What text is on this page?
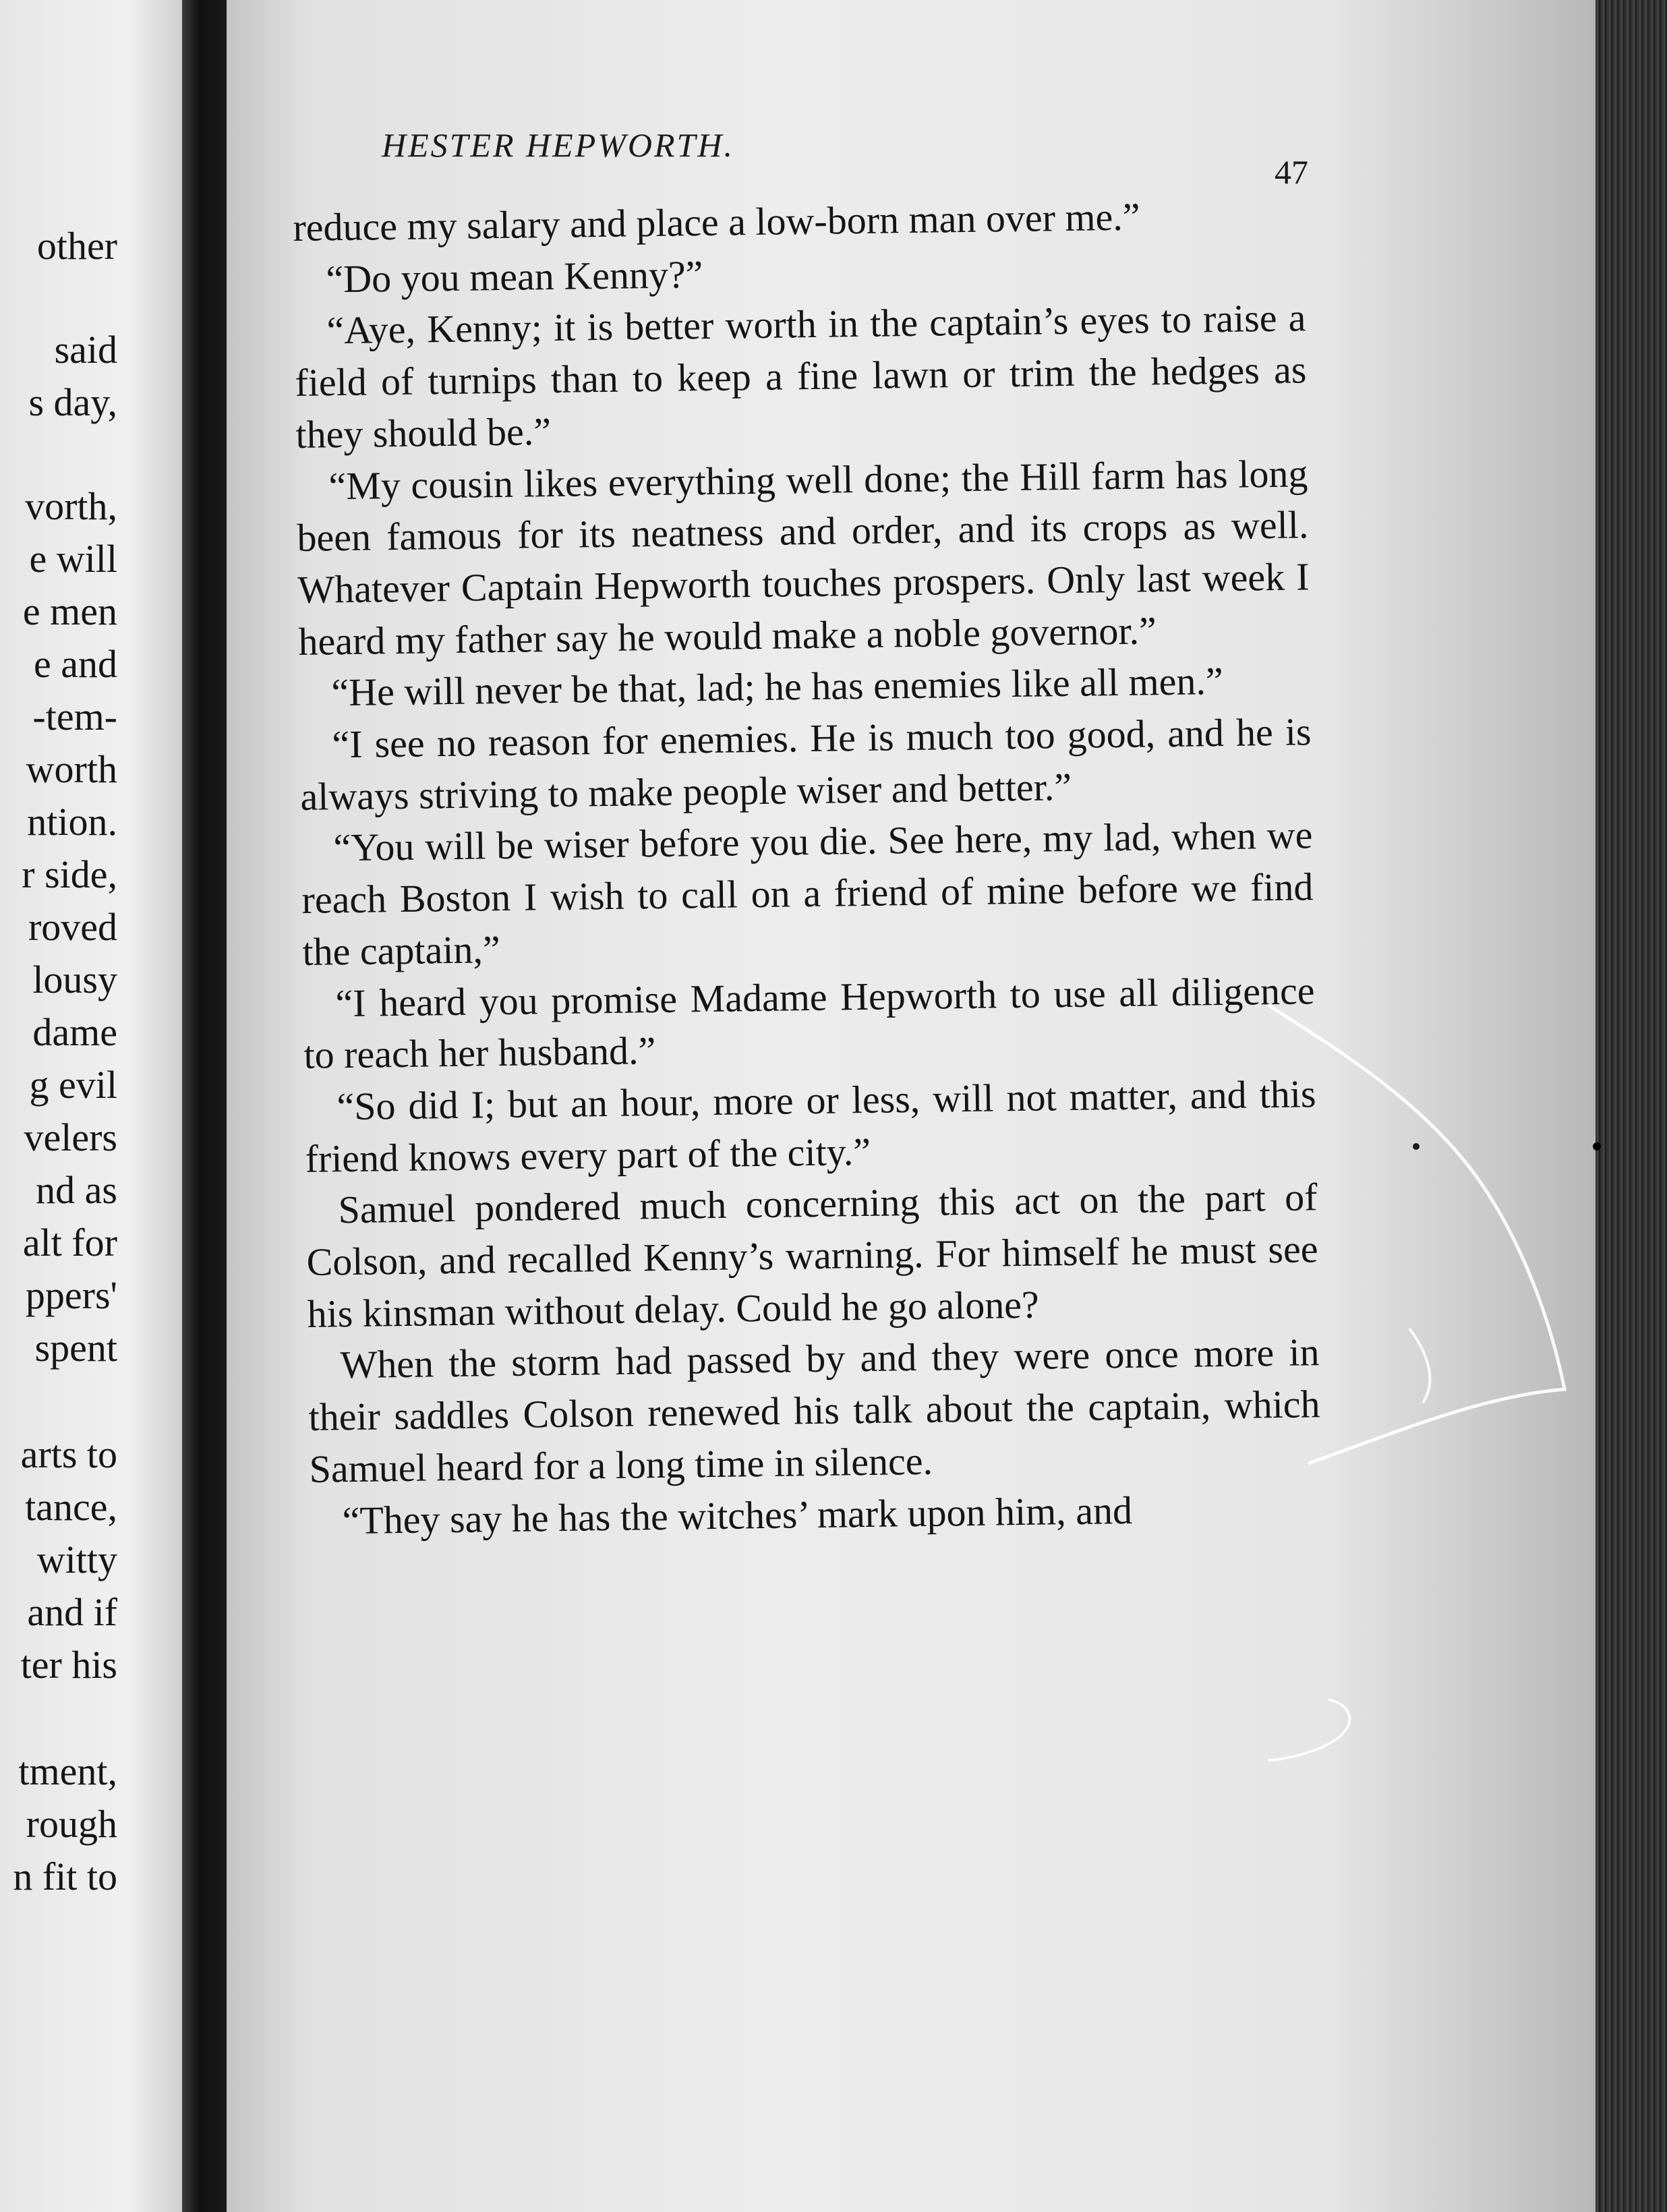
other
said
s day,
vorth,
e will
e men
e and
-tem-
worth
ntion.
r side,
roved
lousy
dame
g evil
velers
nd as
alt for
ppers'
spent
arts to
tance,
witty
and if
ter his
tment,
rough
n fit to
HESTER HEPWORTH.
47

reduce my salary and place a low-born man over me.”

“Do you mean Kenny?”

“Aye, Kenny; it is better worth in the captain’s eyes to raise a field of turnips than to keep a fine lawn or trim the hedges as they should be.”

“My cousin likes everything well done; the Hill farm has long been famous for its neatness and order, and its crops as well. Whatever Captain Hepworth touches prospers. Only last week I heard my father say he would make a noble governor.”

“He will never be that, lad; he has enemies like all men.”

“I see no reason for enemies. He is much too good, and he is always striving to make people wiser and better.”

“You will be wiser before you die. See here, my lad, when we reach Boston I wish to call on a friend of mine before we find the captain,”

“I heard you promise Madame Hepworth to use all diligence to reach her husband.”

“So did I; but an hour, more or less, will not matter, and this friend knows every part of the city.”

Samuel pondered much concerning this act on the part of Colson, and recalled Kenny’s warning. For himself he must see his kinsman without delay. Could he go alone?

When the storm had passed by and they were once more in their saddles Colson renewed his talk about the captain, which Samuel heard for a long time in silence.

“They say he has the witches’ mark upon him, and
